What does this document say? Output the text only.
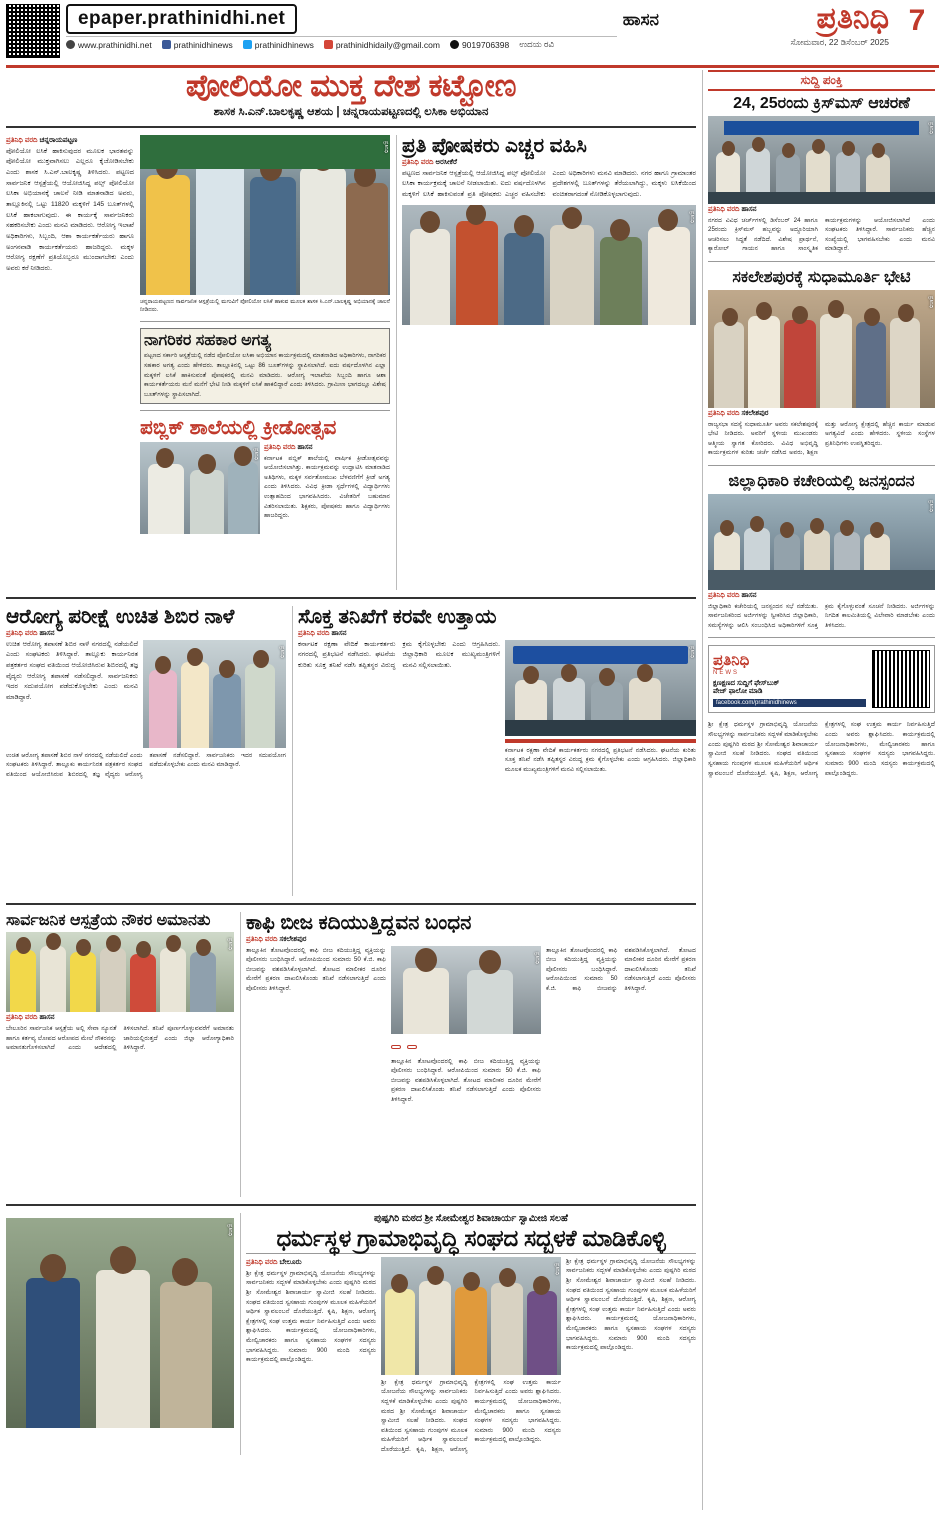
epaper.prathinidhi.net
www.prathinidhi.net	prathinidhinews	prathinidhinews	prathinidhidaily@gmail.com	9019706398 ಉದಯ ರವಿ
ಹಾಸನ	ಪ್ರತಿನಿಧಿ
ಸೋಮವಾರ, 22 ಡಿಸೆಂಬರ್ 2025
7
ಪೋಲಿಯೋ ಮುಕ್ತ ದೇಶ ಕಟ್ಟೋಣ
ಶಾಸಕ ಸಿ.ಎನ್.ಬಾಲಕೃಷ್ಣ ಆಶಯ | ಚನ್ನರಾಯಪಟ್ಟಣದಲ್ಲಿ ಲಸಿಕಾ ಅಭಿಯಾನ
ಪ್ರತಿನಿಧಿ ವರದಿ ಚನ್ನರಾಯಪಟ್ಟಣ
ಪೋಲಿಯೋ ಲಸಿಕೆ ಹಾಕಿಸುವುದರ ಮೂಲಕ ಭಾರತವನ್ನು ಪೋಲಿಯೋ ಮುಕ್ತವಾಗಿಸಲು ಎಲ್ಲರೂ ಕೈಜೋಡಿಸಬೇಕು ಎಂದು ಶಾಸಕ ಸಿ.ಎನ್.ಬಾಲಕೃಷ್ಣ ತಿಳಿಸಿದರು. ಪಟ್ಟಣದ ಸಾರ್ವಜನಿಕ ಆಸ್ಪತ್ರೆಯಲ್ಲಿ ಆಯೋಜಿಸಿದ್ದ ಪಲ್ಸ್ ಪೋಲಿಯೋ ಲಸಿಕಾ ಅಭಿಯಾನಕ್ಕೆ ಚಾಲನೆ ನೀಡಿ ಮಾತನಾಡಿದ ಅವರು, ತಾಲ್ಲೂಕಿನಲ್ಲಿ ಒಟ್ಟು 11820 ಮಕ್ಕಳಿಗೆ 145 ಬೂತ್‌ಗಳಲ್ಲಿ ಲಸಿಕೆ ಹಾಕಲಾಗುವುದು. ಈ ಕಾರ್ಯಕ್ಕೆ ಸಾರ್ವಜನಿಕರು ಸಹಕರಿಸಬೇಕು ಎಂದು ಮನವಿ ಮಾಡಿದರು. ಆರೋಗ್ಯ ಇಲಾಖೆ ಅಧಿಕಾರಿಗಳು, ಸಿಬ್ಬಂದಿ, ಆಶಾ ಕಾರ್ಯಕರ್ತೆಯರು ಹಾಗೂ ಅಂಗನವಾಡಿ ಕಾರ್ಯಕರ್ತೆಯರು ಹಾಜರಿದ್ದರು. ಮಕ್ಕಳ ಆರೋಗ್ಯ ರಕ್ಷಣೆಗೆ ಪ್ರತಿಯೊಬ್ಬರೂ ಮುಂದಾಗಬೇಕು ಎಂದು ಅವರು ಕರೆ ನೀಡಿದರು.
ಪ್ರತಿನಿಧಿ
ಚನ್ನರಾಯಪಟ್ಟಣದ ಸಾರ್ವಜನಿಕ ಆಸ್ಪತ್ರೆಯಲ್ಲಿ ಮಗುವಿಗೆ ಪೋಲಿಯೋ ಲಸಿಕೆ ಹಾಕುವ ಮೂಲಕ ಶಾಸಕ ಸಿ.ಎನ್.ಬಾಲಕೃಷ್ಣ ಅಭಿಯಾನಕ್ಕೆ ಚಾಲನೆ ನೀಡಿದರು.
ನಾಗರಿಕರ ಸಹಕಾರ ಅಗತ್ಯ
ಪಟ್ಟಣದ ಸರ್ಕಾರಿ ಆಸ್ಪತ್ರೆಯಲ್ಲಿ ನಡೆದ ಪೋಲಿಯೋ ಲಸಿಕಾ ಅಭಿಯಾನ ಕಾರ್ಯಕ್ರಮದಲ್ಲಿ ಮಾತನಾಡಿದ ಅಧಿಕಾರಿಗಳು, ನಾಗರಿಕರ ಸಹಕಾರ ಅಗತ್ಯ ಎಂದು ಹೇಳಿದರು. ತಾಲ್ಲೂಕಿನಲ್ಲಿ ಒಟ್ಟು 86 ಬೂತ್‌ಗಳನ್ನು ಸ್ಥಾಪಿಸಲಾಗಿದೆ. ಐದು ವರ್ಷದೊಳಗಿನ ಎಲ್ಲಾ ಮಕ್ಕಳಿಗೆ ಲಸಿಕೆ ಹಾಕಿಸುವಂತೆ ಪೋಷಕರಲ್ಲಿ ಮನವಿ ಮಾಡಿದರು. ಆರೋಗ್ಯ ಇಲಾಖೆಯ ಸಿಬ್ಬಂದಿ ಹಾಗೂ ಆಶಾ ಕಾರ್ಯಕರ್ತೆಯರು ಮನೆ ಮನೆಗೆ ಭೇಟಿ ನೀಡಿ ಮಕ್ಕಳಿಗೆ ಲಸಿಕೆ ಹಾಕಲಿದ್ದಾರೆ ಎಂದು ತಿಳಿಸಿದರು. ಗ್ರಾಮೀಣ ಭಾಗದಲ್ಲೂ ವಿಶೇಷ ಬೂತ್‌ಗಳನ್ನು ಸ್ಥಾಪಿಸಲಾಗಿದೆ.
ಪಬ್ಲಿಕ್ ಶಾಲೆಯಲ್ಲಿ ಕ್ರೀಡೋತ್ಸವ
ಪ್ರತಿನಿಧಿ
ಪ್ರತಿನಿಧಿ ವರದಿ ಹಾಸನ
ಕರ್ನಾಟಕ ಪಬ್ಲಿಕ್ ಶಾಲೆಯಲ್ಲಿ ವಾರ್ಷಿಕ ಕ್ರೀಡೋತ್ಸವವನ್ನು ಆಯೋಜಿಸಲಾಗಿತ್ತು. ಕಾರ್ಯಕ್ರಮವನ್ನು ಉದ್ಘಾಟಿಸಿ ಮಾತನಾಡಿದ ಅತಿಥಿಗಳು, ಮಕ್ಕಳ ಸರ್ವತೋಮುಖ ಬೆಳವಣಿಗೆಗೆ ಕ್ರೀಡೆ ಅಗತ್ಯ ಎಂದು ತಿಳಿಸಿದರು. ವಿವಿಧ ಕ್ರೀಡಾ ಸ್ಪರ್ಧೆಗಳಲ್ಲಿ ವಿದ್ಯಾರ್ಥಿಗಳು ಉತ್ಸಾಹದಿಂದ ಭಾಗವಹಿಸಿದರು. ವಿಜೇತರಿಗೆ ಬಹುಮಾನ ವಿತರಿಸಲಾಯಿತು. ಶಿಕ್ಷಕರು, ಪೋಷಕರು ಹಾಗೂ ವಿದ್ಯಾರ್ಥಿಗಳು ಹಾಜರಿದ್ದರು.
ಪ್ರತಿ ಪೋಷಕರು ಎಚ್ಚರ ವಹಿಸಿ
ಪ್ರತಿನಿಧಿ ವರದಿ ಅರಸೀಕೆರೆ
ಪಟ್ಟಣದ ಸಾರ್ವಜನಿಕ ಆಸ್ಪತ್ರೆಯಲ್ಲಿ ಆಯೋಜಿಸಿದ್ದ ಪಲ್ಸ್ ಪೋಲಿಯೋ ಲಸಿಕಾ ಕಾರ್ಯಕ್ರಮಕ್ಕೆ ಚಾಲನೆ ನೀಡಲಾಯಿತು. ಐದು ವರ್ಷದೊಳಗಿನ ಮಕ್ಕಳಿಗೆ ಲಸಿಕೆ ಹಾಕಿಸುವಂತೆ ಪ್ರತಿ ಪೋಷಕರು ಎಚ್ಚರ ವಹಿಸಬೇಕು ಎಂದು ಅಧಿಕಾರಿಗಳು ಮನವಿ ಮಾಡಿದರು. ನಗರ ಹಾಗೂ ಗ್ರಾಮಾಂತರ ಪ್ರದೇಶಗಳಲ್ಲಿ ಬೂತ್‌ಗಳನ್ನು ತೆರೆಯಲಾಗಿದ್ದು, ಮಕ್ಕಳು ಲಸಿಕೆಯಿಂದ ವಂಚಿತರಾಗದಂತೆ ನೋಡಿಕೊಳ್ಳಲಾಗುವುದು.
ಪ್ರತಿನಿಧಿ
ಆರೋಗ್ಯ ಪರೀಕ್ಷೆ ಉಚಿತ ಶಿಬಿರ ನಾಳೆ
ಪ್ರತಿನಿಧಿ ವರದಿ ಹಾಸನ
ಉಚಿತ ಆರೋಗ್ಯ ತಪಾಸಣೆ ಶಿಬಿರ ನಾಳೆ ನಗರದಲ್ಲಿ ನಡೆಯಲಿದೆ ಎಂದು ಸಂಘಟಕರು ತಿಳಿಸಿದ್ದಾರೆ. ತಾಲ್ಲೂಕು ಕಾರ್ಯನಿರತ ಪತ್ರಕರ್ತರ ಸಂಘದ ವತಿಯಿಂದ ಆಯೋಜಿಸಿರುವ ಶಿಬಿರದಲ್ಲಿ ತಜ್ಞ ವೈದ್ಯರು ಆರೋಗ್ಯ ತಪಾಸಣೆ ನಡೆಸಲಿದ್ದಾರೆ. ಸಾರ್ವಜನಿಕರು ಇದರ ಸದುಪಯೋಗ ಪಡೆದುಕೊಳ್ಳಬೇಕು ಎಂದು ಮನವಿ ಮಾಡಿದ್ದಾರೆ.
ಪ್ರತಿನಿಧಿ
ಉಚಿತ ಆರೋಗ್ಯ ತಪಾಸಣೆ ಶಿಬಿರ ನಾಳೆ ನಗರದಲ್ಲಿ ನಡೆಯಲಿದೆ ಎಂದು ಸಂಘಟಕರು ತಿಳಿಸಿದ್ದಾರೆ. ತಾಲ್ಲೂಕು ಕಾರ್ಯನಿರತ ಪತ್ರಕರ್ತರ ಸಂಘದ ವತಿಯಿಂದ ಆಯೋಜಿಸಿರುವ ಶಿಬಿರದಲ್ಲಿ ತಜ್ಞ ವೈದ್ಯರು ಆರೋಗ್ಯ ತಪಾಸಣೆ ನಡೆಸಲಿದ್ದಾರೆ. ಸಾರ್ವಜನಿಕರು ಇದರ ಸದುಪಯೋಗ ಪಡೆದುಕೊಳ್ಳಬೇಕು ಎಂದು ಮನವಿ ಮಾಡಿದ್ದಾರೆ.
ಸೊಕ್ತ ತನಿಖೆಗೆ ಕರವೇ ಉತ್ತಾಯ
ಪ್ರತಿನಿಧಿ ವರದಿ ಹಾಸನ
ಕರ್ನಾಟಕ ರಕ್ಷಣಾ ವೇದಿಕೆ ಕಾರ್ಯಕರ್ತರು ನಗರದಲ್ಲಿ ಪ್ರತಿಭಟನೆ ನಡೆಸಿದರು. ಘಟನೆಯ ಕುರಿತು ಸೂಕ್ತ ತನಿಖೆ ನಡೆಸಿ ತಪ್ಪಿತಸ್ಥರ ವಿರುದ್ಧ ಕ್ರಮ ಕೈಗೊಳ್ಳಬೇಕು ಎಂದು ಆಗ್ರಹಿಸಿದರು. ಜಿಲ್ಲಾಧಿಕಾರಿ ಮೂಲಕ ಮುಖ್ಯಮಂತ್ರಿಗಳಿಗೆ ಮನವಿ ಸಲ್ಲಿಸಲಾಯಿತು.
ಪ್ರತಿನಿಧಿ
ಕರ್ನಾಟಕ ರಕ್ಷಣಾ ವೇದಿಕೆ ಕಾರ್ಯಕರ್ತರು ನಗರದಲ್ಲಿ ಪ್ರತಿಭಟನೆ ನಡೆಸಿದರು. ಘಟನೆಯ ಕುರಿತು ಸೂಕ್ತ ತನಿಖೆ ನಡೆಸಿ ತಪ್ಪಿತಸ್ಥರ ವಿರುದ್ಧ ಕ್ರಮ ಕೈಗೊಳ್ಳಬೇಕು ಎಂದು ಆಗ್ರಹಿಸಿದರು. ಜಿಲ್ಲಾಧಿಕಾರಿ ಮೂಲಕ ಮುಖ್ಯಮಂತ್ರಿಗಳಿಗೆ ಮನವಿ ಸಲ್ಲಿಸಲಾಯಿತು.
ಸಾರ್ವಜನಿಕ ಆಸ್ಪತ್ರೆಯ ನೌಕರ ಅಮಾನತು
ಪ್ರತಿನಿಧಿ
ಪ್ರತಿನಿಧಿ ವರದಿ ಹಾಸನ
ಬೇಲೂರಿನ ಸಾರ್ವಜನಿಕ ಆಸ್ಪತ್ರೆಯ ಅಲ್ಲಿ ಸೇವಾ ನ್ಯೂನತೆ ಹಾಗೂ ಕರ್ತವ್ಯ ಲೋಪದ ಆರೋಪದ ಮೇಲೆ ನೌಕರನನ್ನು ಅಮಾನತುಗೊಳಿಸಲಾಗಿದೆ ಎಂದು ಆದೇಶದಲ್ಲಿ ತಿಳಿಸಲಾಗಿದೆ. ತನಿಖೆ ಪೂರ್ಣಗೊಳ್ಳುವವರೆಗೆ ಅಮಾನತು ಜಾರಿಯಲ್ಲಿರುತ್ತದೆ ಎಂದು ಜಿಲ್ಲಾ ಆರೋಗ್ಯಾಧಿಕಾರಿ ತಿಳಿಸಿದ್ದಾರೆ.
ಕಾಫಿ ಬೀಜ ಕದಿಯುತ್ತಿದ್ದವನ ಬಂಧನ
ಪ್ರತಿನಿಧಿ ವರದಿ ಸಕಲೇಶಪುರ
ತಾಲ್ಲೂಕಿನ ತೋಟವೊಂದರಲ್ಲಿ ಕಾಫಿ ಬೀಜ ಕದಿಯುತ್ತಿದ್ದ ವ್ಯಕ್ತಿಯನ್ನು ಪೊಲೀಸರು ಬಂಧಿಸಿದ್ದಾರೆ. ಆರೋಪಿಯಿಂದ ಸುಮಾರು 50 ಕೆ.ಜಿ. ಕಾಫಿ ಬೀಜವನ್ನು ವಶಪಡಿಸಿಕೊಳ್ಳಲಾಗಿದೆ. ತೋಟದ ಮಾಲೀಕರ ದೂರಿನ ಮೇರೆಗೆ ಪ್ರಕರಣ ದಾಖಲಿಸಿಕೊಂಡು ತನಿಖೆ ನಡೆಸಲಾಗುತ್ತಿದೆ ಎಂದು ಪೊಲೀಸರು ತಿಳಿಸಿದ್ದಾರೆ.
ಪ್ರತಿನಿಧಿ

ತಾಲ್ಲೂಕಿನ ತೋಟವೊಂದರಲ್ಲಿ ಕಾಫಿ ಬೀಜ ಕದಿಯುತ್ತಿದ್ದ ವ್ಯಕ್ತಿಯನ್ನು ಪೊಲೀಸರು ಬಂಧಿಸಿದ್ದಾರೆ. ಆರೋಪಿಯಿಂದ ಸುಮಾರು 50 ಕೆ.ಜಿ. ಕಾಫಿ ಬೀಜವನ್ನು ವಶಪಡಿಸಿಕೊಳ್ಳಲಾಗಿದೆ. ತೋಟದ ಮಾಲೀಕರ ದೂರಿನ ಮೇರೆಗೆ ಪ್ರಕರಣ ದಾಖಲಿಸಿಕೊಂಡು ತನಿಖೆ ನಡೆಸಲಾಗುತ್ತಿದೆ ಎಂದು ಪೊಲೀಸರು ತಿಳಿಸಿದ್ದಾರೆ.
ತಾಲ್ಲೂಕಿನ ತೋಟವೊಂದರಲ್ಲಿ ಕಾಫಿ ಬೀಜ ಕದಿಯುತ್ತಿದ್ದ ವ್ಯಕ್ತಿಯನ್ನು ಪೊಲೀಸರು ಬಂಧಿಸಿದ್ದಾರೆ. ಆರೋಪಿಯಿಂದ ಸುಮಾರು 50 ಕೆ.ಜಿ. ಕಾಫಿ ಬೀಜವನ್ನು ವಶಪಡಿಸಿಕೊಳ್ಳಲಾಗಿದೆ. ತೋಟದ ಮಾಲೀಕರ ದೂರಿನ ಮೇರೆಗೆ ಪ್ರಕರಣ ದಾಖಲಿಸಿಕೊಂಡು ತನಿಖೆ ನಡೆಸಲಾಗುತ್ತಿದೆ ಎಂದು ಪೊಲೀಸರು ತಿಳಿಸಿದ್ದಾರೆ.
ಪ್ರತಿನಿಧಿ
ಪುಷ್ಪಗಿರಿ ಮಠದ ಶ್ರೀ ಸೋಮೇಶ್ವರ ಶಿವಾಚಾರ್ಯ ಸ್ವಾಮೀಜಿ ಸಲಹೆ
ಧರ್ಮಸ್ಥಳ ಗ್ರಾಮಾಭಿವೃದ್ಧಿ ಸಂಘದ ಸದ್ಬಳಕೆ ಮಾಡಿಕೊಳ್ಳಿ
ಪ್ರತಿನಿಧಿ ವರದಿ ಬೇಲೂರು
ಶ್ರೀ ಕ್ಷೇತ್ರ ಧರ್ಮಸ್ಥಳ ಗ್ರಾಮಾಭಿವೃದ್ಧಿ ಯೋಜನೆಯ ಸೌಲಭ್ಯಗಳನ್ನು ಸಾರ್ವಜನಿಕರು ಸದ್ಬಳಕೆ ಮಾಡಿಕೊಳ್ಳಬೇಕು ಎಂದು ಪುಷ್ಪಗಿರಿ ಮಠದ ಶ್ರೀ ಸೋಮೇಶ್ವರ ಶಿವಾಚಾರ್ಯ ಸ್ವಾಮೀಜಿ ಸಲಹೆ ನೀಡಿದರು. ಸಂಘದ ವತಿಯಿಂದ ಸ್ವಸಹಾಯ ಗುಂಪುಗಳ ಮೂಲಕ ಮಹಿಳೆಯರಿಗೆ ಆರ್ಥಿಕ ಸ್ವಾವಲಂಬನೆ ದೊರೆಯುತ್ತಿದೆ. ಕೃಷಿ, ಶಿಕ್ಷಣ, ಆರೋಗ್ಯ ಕ್ಷೇತ್ರಗಳಲ್ಲಿ ಸಂಘ ಉತ್ತಮ ಕಾರ್ಯ ನಿರ್ವಹಿಸುತ್ತಿದೆ ಎಂದು ಅವರು ಶ್ಲಾಘಿಸಿದರು. ಕಾರ್ಯಕ್ರಮದಲ್ಲಿ ಯೋಜನಾಧಿಕಾರಿಗಳು, ಮೇಲ್ವಿಚಾರಕರು ಹಾಗೂ ಸ್ವಸಹಾಯ ಸಂಘಗಳ ಸದಸ್ಯರು ಭಾಗವಹಿಸಿದ್ದರು. ಸುಮಾರು 900 ಮಂದಿ ಸದಸ್ಯರು ಕಾರ್ಯಕ್ರಮದಲ್ಲಿ ಪಾಲ್ಗೊಂಡಿದ್ದರು.
ಪ್ರತಿನಿಧಿ
ಶ್ರೀ ಕ್ಷೇತ್ರ ಧರ್ಮಸ್ಥಳ ಗ್ರಾಮಾಭಿವೃದ್ಧಿ ಯೋಜನೆಯ ಸೌಲಭ್ಯಗಳನ್ನು ಸಾರ್ವಜನಿಕರು ಸದ್ಬಳಕೆ ಮಾಡಿಕೊಳ್ಳಬೇಕು ಎಂದು ಪುಷ್ಪಗಿರಿ ಮಠದ ಶ್ರೀ ಸೋಮೇಶ್ವರ ಶಿವಾಚಾರ್ಯ ಸ್ವಾಮೀಜಿ ಸಲಹೆ ನೀಡಿದರು. ಸಂಘದ ವತಿಯಿಂದ ಸ್ವಸಹಾಯ ಗುಂಪುಗಳ ಮೂಲಕ ಮಹಿಳೆಯರಿಗೆ ಆರ್ಥಿಕ ಸ್ವಾವಲಂಬನೆ ದೊರೆಯುತ್ತಿದೆ. ಕೃಷಿ, ಶಿಕ್ಷಣ, ಆರೋಗ್ಯ ಕ್ಷೇತ್ರಗಳಲ್ಲಿ ಸಂಘ ಉತ್ತಮ ಕಾರ್ಯ ನಿರ್ವಹಿಸುತ್ತಿದೆ ಎಂದು ಅವರು ಶ್ಲಾಘಿಸಿದರು. ಕಾರ್ಯಕ್ರಮದಲ್ಲಿ ಯೋಜನಾಧಿಕಾರಿಗಳು, ಮೇಲ್ವಿಚಾರಕರು ಹಾಗೂ ಸ್ವಸಹಾಯ ಸಂಘಗಳ ಸದಸ್ಯರು ಭಾಗವಹಿಸಿದ್ದರು. ಸುಮಾರು 900 ಮಂದಿ ಸದಸ್ಯರು ಕಾರ್ಯಕ್ರಮದಲ್ಲಿ ಪಾಲ್ಗೊಂಡಿದ್ದರು.
ಶ್ರೀ ಕ್ಷೇತ್ರ ಧರ್ಮಸ್ಥಳ ಗ್ರಾಮಾಭಿವೃದ್ಧಿ ಯೋಜನೆಯ ಸೌಲಭ್ಯಗಳನ್ನು ಸಾರ್ವಜನಿಕರು ಸದ್ಬಳಕೆ ಮಾಡಿಕೊಳ್ಳಬೇಕು ಎಂದು ಪುಷ್ಪಗಿರಿ ಮಠದ ಶ್ರೀ ಸೋಮೇಶ್ವರ ಶಿವಾಚಾರ್ಯ ಸ್ವಾಮೀಜಿ ಸಲಹೆ ನೀಡಿದರು. ಸಂಘದ ವತಿಯಿಂದ ಸ್ವಸಹಾಯ ಗುಂಪುಗಳ ಮೂಲಕ ಮಹಿಳೆಯರಿಗೆ ಆರ್ಥಿಕ ಸ್ವಾವಲಂಬನೆ ದೊರೆಯುತ್ತಿದೆ. ಕೃಷಿ, ಶಿಕ್ಷಣ, ಆರೋಗ್ಯ ಕ್ಷೇತ್ರಗಳಲ್ಲಿ ಸಂಘ ಉತ್ತಮ ಕಾರ್ಯ ನಿರ್ವಹಿಸುತ್ತಿದೆ ಎಂದು ಅವರು ಶ್ಲಾಘಿಸಿದರು. ಕಾರ್ಯಕ್ರಮದಲ್ಲಿ ಯೋಜನಾಧಿಕಾರಿಗಳು, ಮೇಲ್ವಿಚಾರಕರು ಹಾಗೂ ಸ್ವಸಹಾಯ ಸಂಘಗಳ ಸದಸ್ಯರು ಭಾಗವಹಿಸಿದ್ದರು. ಸುಮಾರು 900 ಮಂದಿ ಸದಸ್ಯರು ಕಾರ್ಯಕ್ರಮದಲ್ಲಿ ಪಾಲ್ಗೊಂಡಿದ್ದರು.
ಸುದ್ದಿ ಪಂಕ್ತಿ
24, 25ರಂದು ಕ್ರಿಸ್‌ಮಸ್ ಆಚರಣೆ
ಪ್ರತಿನಿಧಿ
ಪ್ರತಿನಿಧಿ ವರದಿ ಹಾಸನ
ನಗರದ ವಿವಿಧ ಚರ್ಚ್‌ಗಳಲ್ಲಿ ಡಿಸೆಂಬರ್ 24 ಹಾಗೂ 25ರಂದು ಕ್ರಿಸ್‌ಮಸ್ ಹಬ್ಬವನ್ನು ಅದ್ದೂರಿಯಾಗಿ ಆಚರಿಸಲು ಸಿದ್ಧತೆ ನಡೆದಿದೆ. ವಿಶೇಷ ಪ್ರಾರ್ಥನೆ, ಕ್ಯಾರೋಲ್ ಗಾಯನ ಹಾಗೂ ಸಾಂಸ್ಕೃತಿಕ ಕಾರ್ಯಕ್ರಮಗಳನ್ನು ಆಯೋಜಿಸಲಾಗಿದೆ ಎಂದು ಸಂಘಟಕರು ತಿಳಿಸಿದ್ದಾರೆ. ಸಾರ್ವಜನಿಕರು ಹೆಚ್ಚಿನ ಸಂಖ್ಯೆಯಲ್ಲಿ ಭಾಗವಹಿಸಬೇಕು ಎಂದು ಮನವಿ ಮಾಡಿದ್ದಾರೆ.
ಸಕಲೇಶಪುರಕ್ಕೆ ಸುಧಾಮೂರ್ತಿ ಭೇಟಿ
ಪ್ರತಿನಿಧಿ
ಪ್ರತಿನಿಧಿ ವರದಿ ಸಕಲೇಶಪುರ
ರಾಜ್ಯಸಭಾ ಸದಸ್ಯೆ ಸುಧಾಮೂರ್ತಿ ಅವರು ಸಕಲೇಶಪುರಕ್ಕೆ ಭೇಟಿ ನೀಡಿದರು. ಅವರಿಗೆ ಸ್ಥಳೀಯ ಮುಖಂಡರು ಆತ್ಮೀಯ ಸ್ವಾಗತ ಕೋರಿದರು. ವಿವಿಧ ಅಭಿವೃದ್ಧಿ ಕಾರ್ಯಕ್ರಮಗಳ ಕುರಿತು ಚರ್ಚೆ ನಡೆಸಿದ ಅವರು, ಶಿಕ್ಷಣ ಮತ್ತು ಆರೋಗ್ಯ ಕ್ಷೇತ್ರದಲ್ಲಿ ಹೆಚ್ಚಿನ ಕಾರ್ಯ ಮಾಡುವ ಅಗತ್ಯವಿದೆ ಎಂದು ಹೇಳಿದರು. ಸ್ಥಳೀಯ ಸಂಸ್ಥೆಗಳ ಪ್ರತಿನಿಧಿಗಳು ಉಪಸ್ಥಿತರಿದ್ದರು.
ಜಿಲ್ಲಾಧಿಕಾರಿ ಕಚೇರಿಯಲ್ಲಿ ಜನಸ್ಪಂದನ
ಪ್ರತಿನಿಧಿ
ಪ್ರತಿನಿಧಿ ವರದಿ ಹಾಸನ
ಜಿಲ್ಲಾಧಿಕಾರಿ ಕಚೇರಿಯಲ್ಲಿ ಜನಸ್ಪಂದನ ಸಭೆ ನಡೆಯಿತು. ಸಾರ್ವಜನಿಕರಿಂದ ಅರ್ಜಿಗಳನ್ನು ಸ್ವೀಕರಿಸಿದ ಜಿಲ್ಲಾಧಿಕಾರಿ, ಸಮಸ್ಯೆಗಳನ್ನು ಆಲಿಸಿ ಸಂಬಂಧಿಸಿದ ಅಧಿಕಾರಿಗಳಿಗೆ ಸೂಕ್ತ ಕ್ರಮ ಕೈಗೊಳ್ಳುವಂತೆ ಸೂಚನೆ ನೀಡಿದರು. ಅರ್ಜಿಗಳನ್ನು ನಿಗದಿತ ಕಾಲಮಿತಿಯಲ್ಲಿ ವಿಲೇವಾರಿ ಮಾಡಬೇಕು ಎಂದು ತಿಳಿಸಿದರು.
ಪ್ರತಿನಿಧಿ
NEWS
ಕ್ಷಣಕ್ಷಣದ ಸುದ್ದಿಗೆ ಫೇಸ್‌ಬುಕ್
ಪೇಜ್ ಫಾಲೋ ಮಾಡಿ
facebook.com/prathinidhinews
ಶ್ರೀ ಕ್ಷೇತ್ರ ಧರ್ಮಸ್ಥಳ ಗ್ರಾಮಾಭಿವೃದ್ಧಿ ಯೋಜನೆಯ ಸೌಲಭ್ಯಗಳನ್ನು ಸಾರ್ವಜನಿಕರು ಸದ್ಬಳಕೆ ಮಾಡಿಕೊಳ್ಳಬೇಕು ಎಂದು ಪುಷ್ಪಗಿರಿ ಮಠದ ಶ್ರೀ ಸೋಮೇಶ್ವರ ಶಿವಾಚಾರ್ಯ ಸ್ವಾಮೀಜಿ ಸಲಹೆ ನೀಡಿದರು. ಸಂಘದ ವತಿಯಿಂದ ಸ್ವಸಹಾಯ ಗುಂಪುಗಳ ಮೂಲಕ ಮಹಿಳೆಯರಿಗೆ ಆರ್ಥಿಕ ಸ್ವಾವಲಂಬನೆ ದೊರೆಯುತ್ತಿದೆ. ಕೃಷಿ, ಶಿಕ್ಷಣ, ಆರೋಗ್ಯ ಕ್ಷೇತ್ರಗಳಲ್ಲಿ ಸಂಘ ಉತ್ತಮ ಕಾರ್ಯ ನಿರ್ವಹಿಸುತ್ತಿದೆ ಎಂದು ಅವರು ಶ್ಲಾಘಿಸಿದರು. ಕಾರ್ಯಕ್ರಮದಲ್ಲಿ ಯೋಜನಾಧಿಕಾರಿಗಳು, ಮೇಲ್ವಿಚಾರಕರು ಹಾಗೂ ಸ್ವಸಹಾಯ ಸಂಘಗಳ ಸದಸ್ಯರು ಭಾಗವಹಿಸಿದ್ದರು. ಸುಮಾರು 900 ಮಂದಿ ಸದಸ್ಯರು ಕಾರ್ಯಕ್ರಮದಲ್ಲಿ ಪಾಲ್ಗೊಂಡಿದ್ದರು.
